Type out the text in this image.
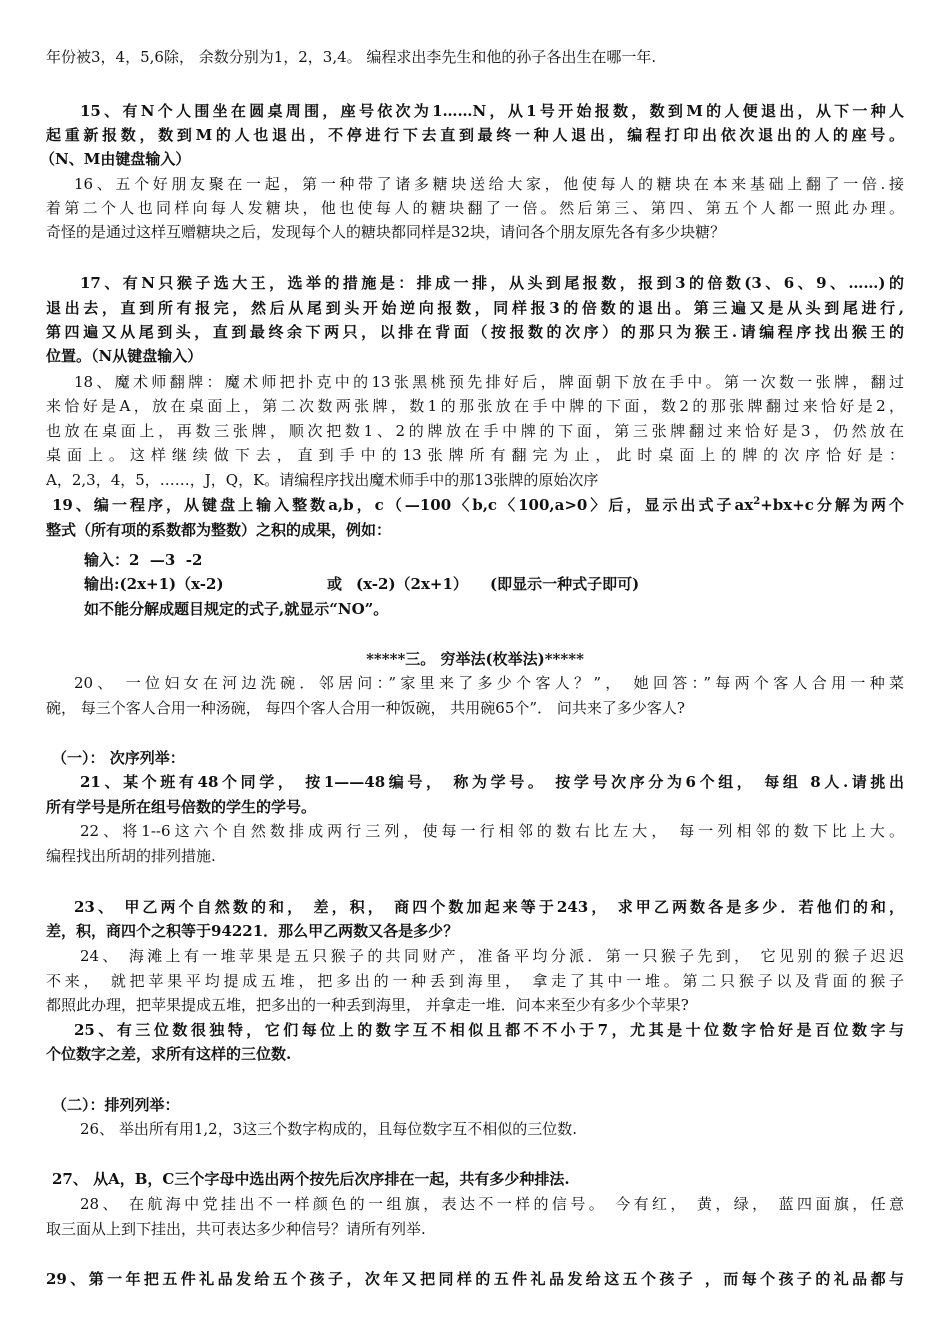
年份被3，4，5,6除， 余数分别为1，2，3,4。 编程求出李先生和他的孙子各出生在哪一年.
15、有N个人围坐在圆桌周围，座号依次为1……N，从1号开始报数，数到M的人便退出，从下一种人
起重新报数，数到M的人也退出，不停进行下去直到最终一种人退出，编程打印出依次退出的人的座号。
（N、M由键盘输入）
16、五个好朋友聚在一起，第一种带了诸多糖块送给大家，他使每人的糖块在本来基础上翻了一倍.接
着第二个人也同样向每人发糖块，他也使每人的糖块翻了一倍。然后第三、第四、第五个人都一照此办理。
奇怪的是通过这样互赠糖块之后，发现每个人的糖块都同样是32块，请问各个朋友原先各有多少块糖？
17、有N只猴子选大王，选举的措施是：排成一排，从头到尾报数，报到3的倍数(3、6、9、……)的
退出去，直到所有报完，然后从尾到头开始逆向报数，同样报3的倍数的退出。第三遍又是从头到尾进行,
第四遍又从尾到头，直到最终余下两只，以排在背面（按报数的次序）的那只为猴王.请编程序找出猴王的
位置。（N从键盘输入）
18、魔术师翻牌：魔术师把扑克中的13张黑桃预先排好后，牌面朝下放在手中。第一次数一张牌，翻过
来恰好是A，放在桌面上，第二次数两张牌，数1的那张放在手中牌的下面，数2的那张牌翻过来恰好是2，
也放在桌面上，再数三张牌，顺次把数1、2的牌放在手中牌的下面，第三张牌翻过来恰好是3，仍然放在
桌面上。这样继续做下去，直到手中的13张牌所有翻完为止，此时桌面上的牌的次序恰好是：
A，2,3，4，5，……，J，Q，K。请编程序找出魔术师手中的那13张牌的原始次序
19、编一程序，从键盘上输入整数a,b，c（—100〈b,c〈100,a>0〉后，显示出式子$ax^2+bx+c$分解为两个
整式（所有项的系数都为整数）之积的成果，例如：
输入：2  —3  -2
输出:(2x+1)（x-2)	或 (x-2)（2x+1） (即显示一种式子即可)
如不能分解成题目规定的式子,就显示“NO”。
*****三。 穷举法(枚举法)*****
20、 一位妇女在河边洗碗．邻居问：”家里来了多少个客人？”， 她回答：”每两个客人合用一种菜
碗， 每三个客人合用一种汤碗， 每四个客人合用一种饭碗， 共用碗65个”． 问共来了多少客人?
（一）： 次序列举：
21、某个班有48个同学， 按1——48编号， 称为学号。 按学号次序分为6个组， 每组 8人.请挑出
所有学号是所在组号倍数的学生的学号。
22、将1--6这六个自然数排成两行三列，使每一行相邻的数右比左大， 每一列相邻的数下比上大。
编程找出所胡的排列措施.
23、 甲乙两个自然数的和， 差，积， 商四个数加起来等于243， 求甲乙两数各是多少．若他们的和，
差，积，商四个之积等于94221．那么甲乙两数又各是多少？
24、 海滩上有一堆苹果是五只猴子的共同财产，准备平均分派．第一只猴子先到， 它见别的猴子迟迟
不来， 就把苹果平均提成五堆，把多出的一种丢到海里， 拿走了其中一堆。第二只猴子以及背面的猴子
都照此办理，把苹果提成五堆，把多出的一种丢到海里， 并拿走一堆．问本来至少有多少个苹果?
25、有三位数很独特，它们每位上的数字互不相似且都不不小于7，尤其是十位数字恰好是百位数字与
个位数字之差，求所有这样的三位数.
（二）：排列列举：
26、 举出所有用1,2，3这三个数字构成的，且每位数字互不相似的三位数.
27、 从A，B，C三个字母中选出两个按先后次序排在一起，共有多少种排法.
28、 在航海中党挂出不一样颜色的一组旗，表达不一样的信号。 今有红， 黄，绿， 蓝四面旗，任意
取三面从上到下挂出，共可表达多少种信号？请所有列举.
29、第一年把五件礼品发给五个孩子，次年又把同样的五件礼品发给这五个孩子 ，而每个孩子的礼品都与
